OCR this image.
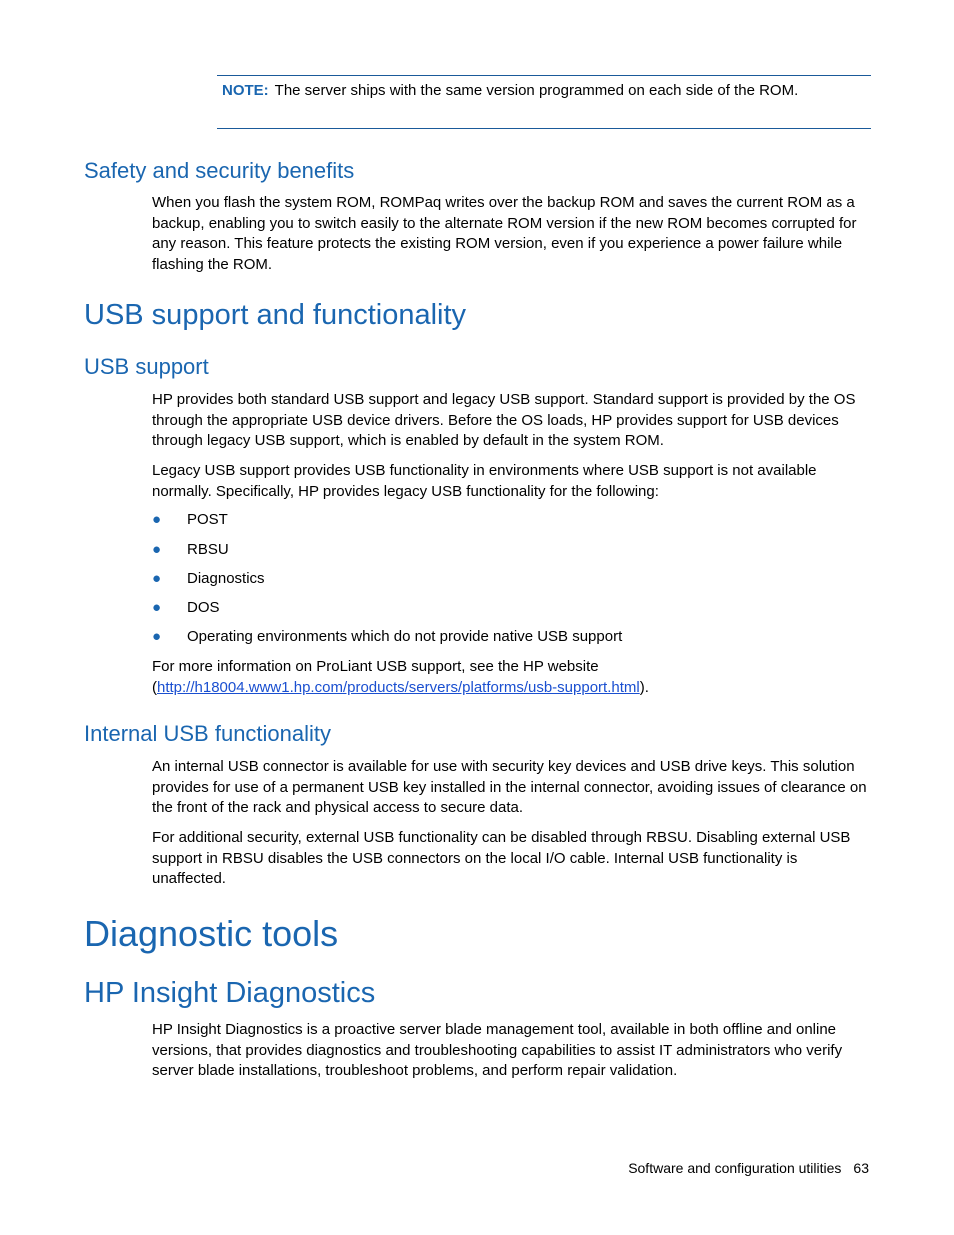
NOTE: The server ships with the same version programmed on each side of the ROM.
Safety and security benefits

When you flash the system ROM, ROMPaq writes over the backup ROM and saves the current ROM as a backup, enabling you to switch easily to the alternate ROM version if the new ROM becomes corrupted for any reason. This feature protects the existing ROM version, even if you experience a power failure while flashing the ROM.

USB support and functionality
USB support

HP provides both standard USB support and legacy USB support. Standard support is provided by the OS through the appropriate USB device drivers. Before the OS loads, HP provides support for USB devices through legacy USB support, which is enabled by default in the system ROM.

Legacy USB support provides USB functionality in environments where USB support is not available normally. Specifically, HP provides legacy USB functionality for the following:

● POST
● RBSU
● Diagnostics
● DOS
● Operating environments which do not provide native USB support

For more information on ProLiant USB support, see the HP website
(http://h18004.www1.hp.com/products/servers/platforms/usb-support.html).

Internal USB functionality

An internal USB connector is available for use with security key devices and USB drive keys. This solution provides for use of a permanent USB key installed in the internal connector, avoiding issues of clearance on the front of the rack and physical access to secure data.

For additional security, external USB functionality can be disabled through RBSU. Disabling external USB support in RBSU disables the USB connectors on the local I/O cable. Internal USB functionality is unaffected.

Diagnostic tools
HP Insight Diagnostics

HP Insight Diagnostics is a proactive server blade management tool, available in both offline and online versions, that provides diagnostics and troubleshooting capabilities to assist IT administrators who verify server blade installations, troubleshoot problems, and perform repair validation.

Software and configuration utilities 63
